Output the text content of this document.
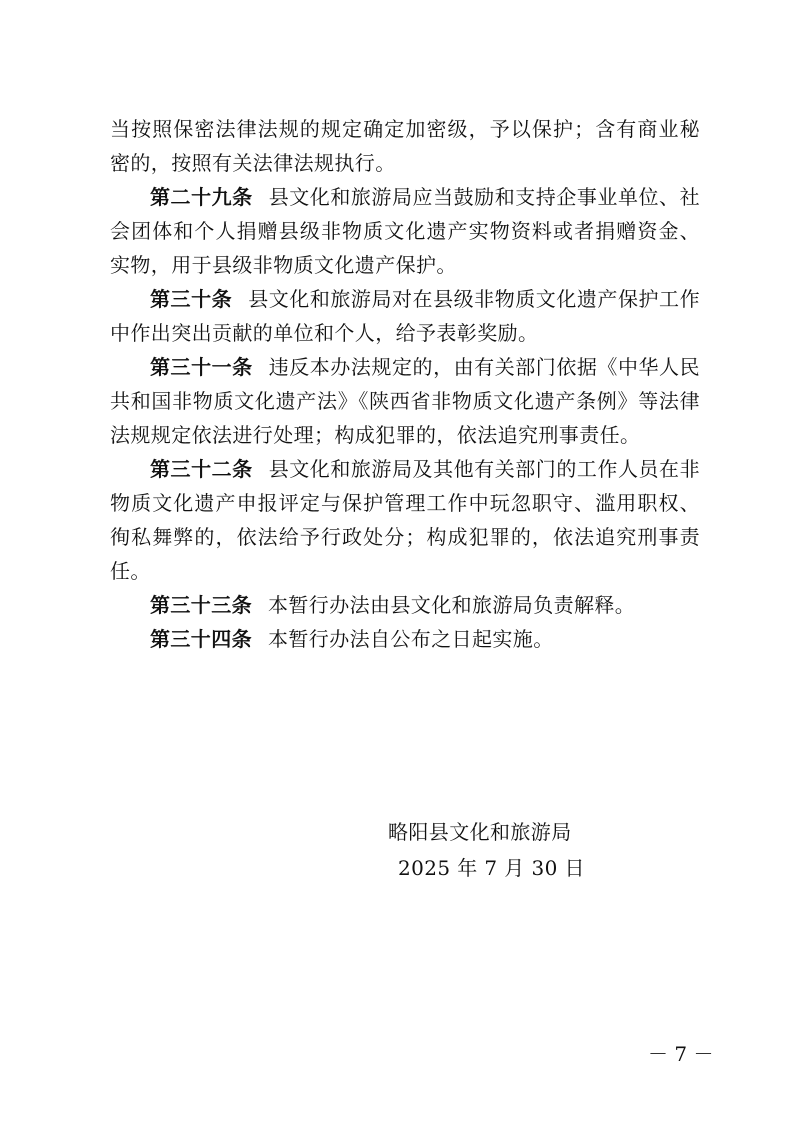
当按照保密法律法规的规定确定加密级，予以保护；含有商业秘密的，按照有关法律法规执行。

第二十九条 县文化和旅游局应当鼓励和支持企事业单位、社会团体和个人捐赠县级非物质文化遗产实物资料或者捐赠资金、实物，用于县级非物质文化遗产保护。

第三十条 县文化和旅游局对在县级非物质文化遗产保护工作中作出突出贡献的单位和个人，给予表彰奖励。

第三十一条 违反本办法规定的，由有关部门依据《中华人民共和国非物质文化遗产法》《陕西省非物质文化遗产条例》等法律法规规定依法进行处理；构成犯罪的，依法追究刑事责任。

第三十二条 县文化和旅游局及其他有关部门的工作人员在非物质文化遗产申报评定与保护管理工作中玩忽职守、滥用职权、徇私舞弊的，依法给予行政处分；构成犯罪的，依法追究刑事责任。

第三十三条 本暂行办法由县文化和旅游局负责解释。

第三十四条 本暂行办法自公布之日起实施。

略阳县文化和旅游局
2025 年 7 月 30 日
－ 7 －
